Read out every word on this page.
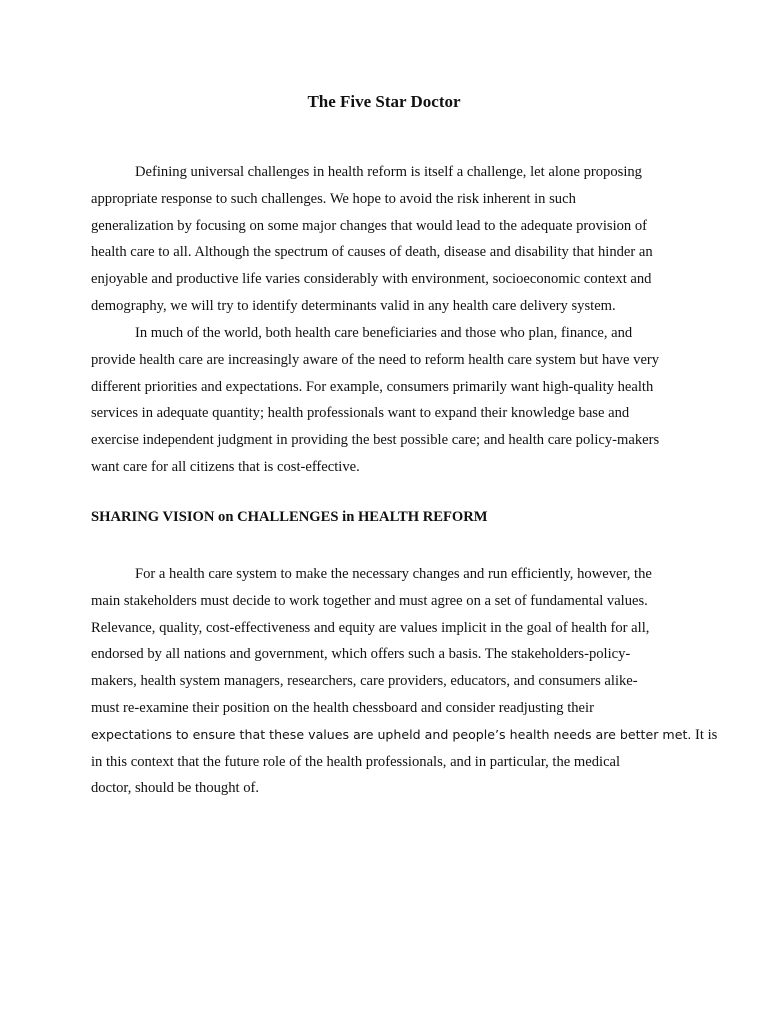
The Five Star Doctor

Defining universal challenges in health reform is itself a challenge, let alone proposing
appropriate response to such challenges. We hope to avoid the risk inherent in such
generalization by focusing on some major changes that would lead to the adequate provision of
health care to all. Although the spectrum of causes of death, disease and disability that hinder an
enjoyable and productive life varies considerably with environment, socioeconomic context and
demography, we will try to identify determinants valid in any health care delivery system.

In much of the world, both health care beneficiaries and those who plan, finance, and
provide health care are increasingly aware of the need to reform health care system but have very
different priorities and expectations. For example, consumers primarily want high-quality health
services in adequate quantity; health professionals want to expand their knowledge base and
exercise independent judgment in providing the best possible care; and health care policy-makers
want care for all citizens that is cost-effective.

SHARING VISION on CHALLENGES in HEALTH REFORM

For a health care system to make the necessary changes and run efficiently, however, the
main stakeholders must decide to work together and must agree on a set of fundamental values.
Relevance, quality, cost-effectiveness and equity are values implicit in the goal of health for all,
endorsed by all nations and government, which offers such a basis. The stakeholders-policy-
makers, health system managers, researchers, care providers, educators, and consumers alike-
must re-examine their position on the health chessboard and consider readjusting their
expectations to ensure that these values are upheld and people’s health needs are better met. It is
in this context that the future role of the health professionals, and in particular, the medical
doctor, should be thought of.
